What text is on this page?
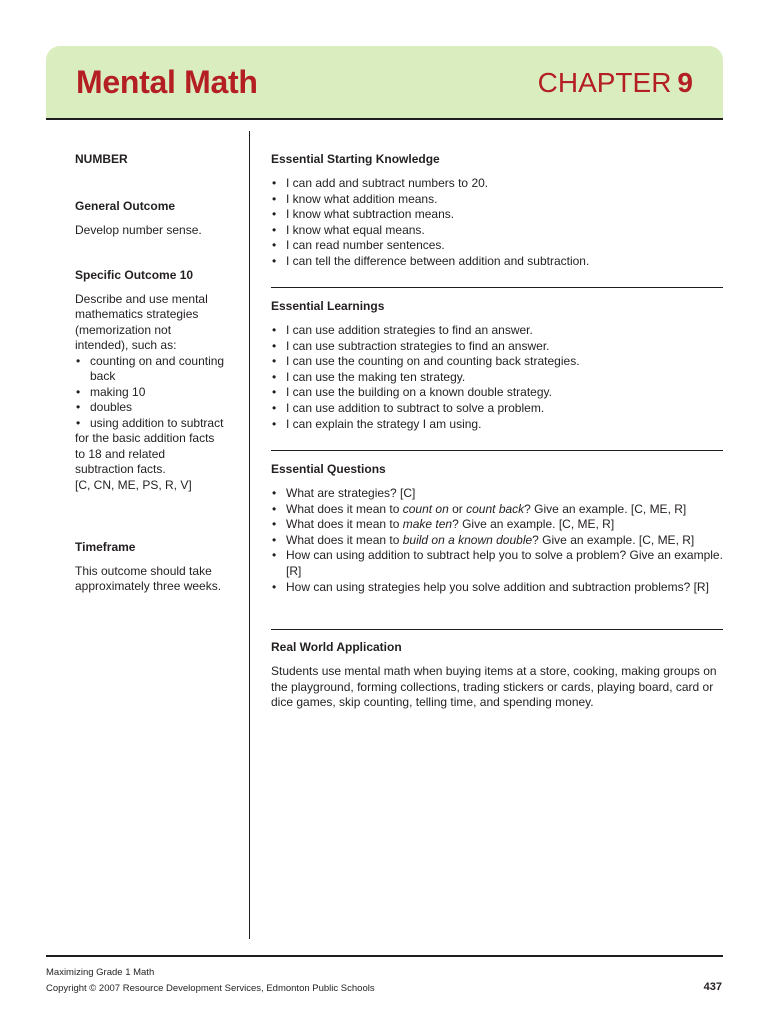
Mental Math	CHAPTER 9
NUMBER
General Outcome

Develop number sense.

Specific Outcome 10

Describe and use mental mathematics strategies (memorization not intended), such as:

• counting on and counting back
• making 10
• doubles
• using addition to subtract

for the basic addition facts to 18 and related subtraction facts.

[C, CN, ME, PS, R, V]

Timeframe

This outcome should take approximately three weeks.

Essential Starting Knowledge
• I can add and subtract numbers to 20.
• I know what addition means.
• I know what subtraction means.
• I know what equal means.
• I can read number sentences.
• I can tell the difference between addition and subtraction.
Essential Learnings
• I can use addition strategies to find an answer.
• I can use subtraction strategies to find an answer.
• I can use the counting on and counting back strategies.
• I can use the making ten strategy.
• I can use the building on a known double strategy.
• I can use addition to subtract to solve a problem.
• I can explain the strategy I am using.
Essential Questions
• What are strategies? [C]
• What does it mean to count on or count back? Give an example. [C, ME, R]
• What does it mean to make ten? Give an example. [C, ME, R]
• What does it mean to build on a known double? Give an example. [C, ME, R]
• How can using addition to subtract help you to solve a problem? Give an example. [R]
• How can using strategies help you solve addition and subtraction problems? [R]
Real World Application

Students use mental math when buying items at a store, cooking, making groups on the playground, forming collections, trading stickers or cards, playing board, card or dice games, skip counting, telling time, and spending money.

Maximizing Grade 1 Math
Copyright © 2007 Resource Development Services, Edmonton Public Schools	437
